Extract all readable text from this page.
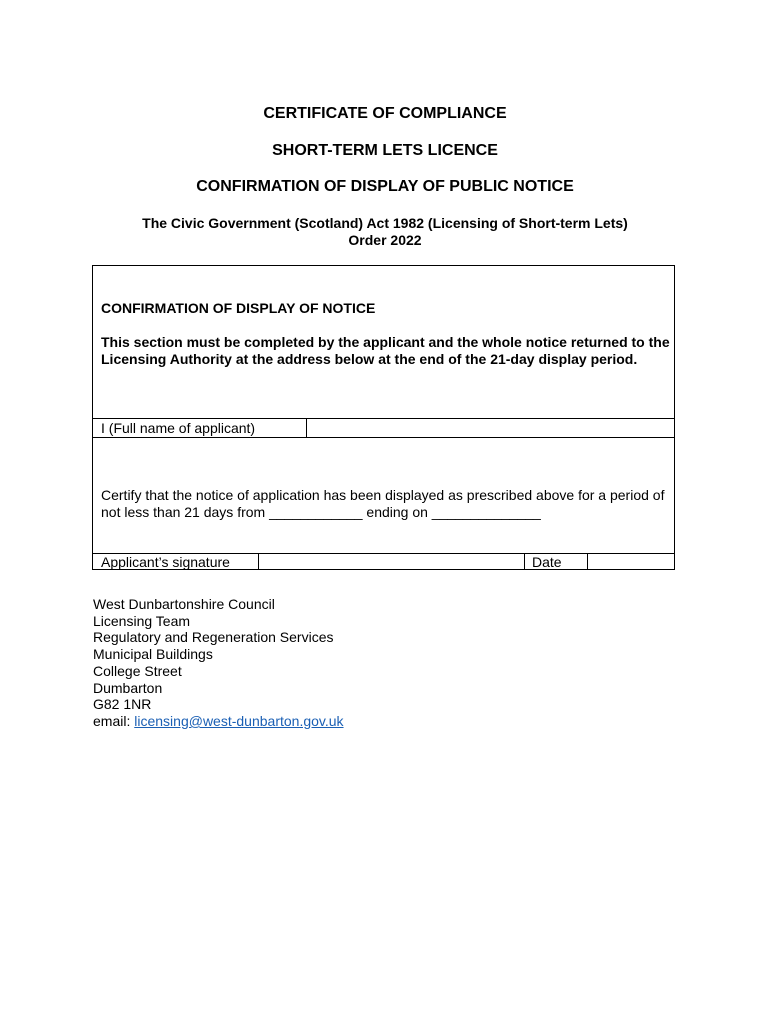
CERTIFICATE OF COMPLIANCE
SHORT-TERM LETS LICENCE
CONFIRMATION OF DISPLAY OF PUBLIC NOTICE
The Civic Government (Scotland) Act 1982 (Licensing of Short-term Lets)
Order 2022

CONFIRMATION OF DISPLAY OF NOTICE

This section must be completed by the applicant and the whole notice returned to the Licensing Authority at the address below at the end of the 21-day display period.

I (Full name of applicant)

Certify that the notice of application has been displayed as prescribed above for a period of not less than 21 days from ____________ ending on ______________

Applicant’s signature	Date
West Dunbartonshire Council
Licensing Team
Regulatory and Regeneration Services
Municipal Buildings
College Street
Dumbarton
G82 1NR
email: licensing@west-dunbarton.gov.uk
